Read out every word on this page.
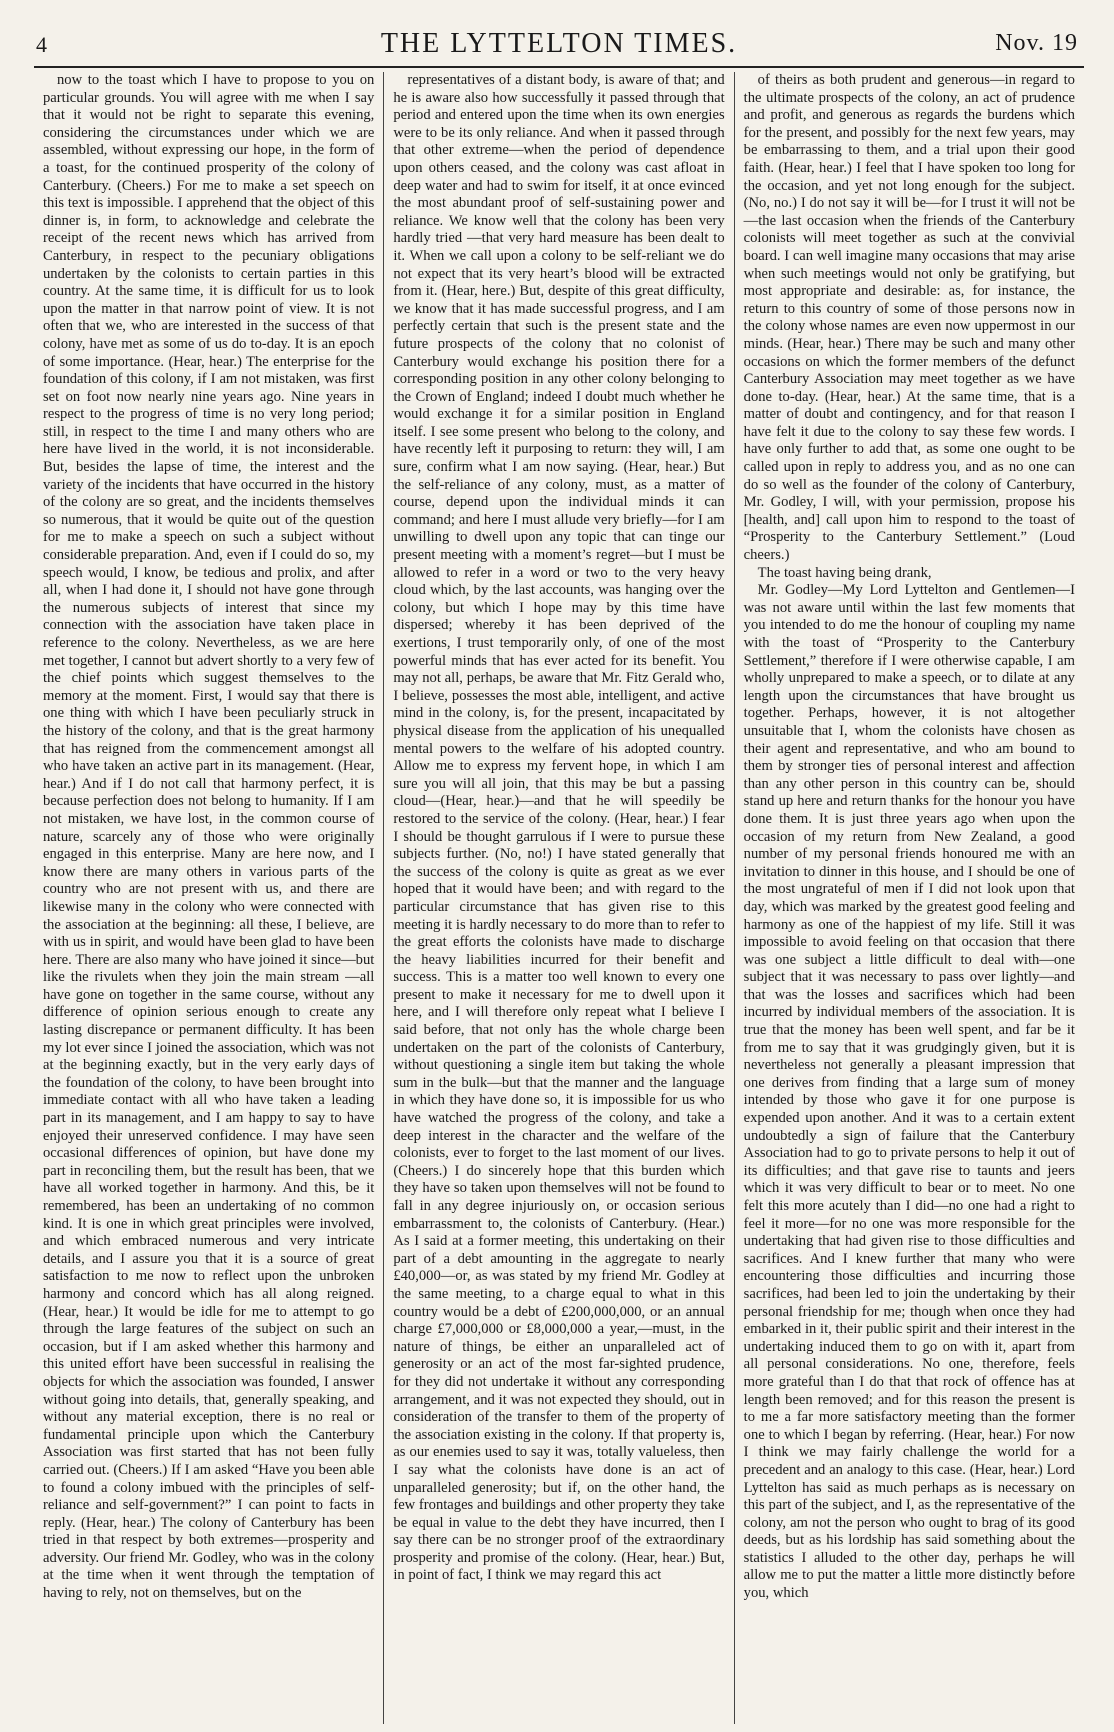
4	THE LYTTELTON TIMES.	Nov. 19

now to the toast which I have to propose to you on particular grounds. You will agree with me when I say that it would not be right to separate this evening, considering the circumstances under which we are assembled, without expressing our hope, in the form of a toast, for the continued prosperity of the colony of Canterbury. (Cheers.) For me to make a set speech on this text is impossible. I apprehend that the object of this dinner is, in form, to acknowledge and celebrate the receipt of the recent news which has arrived from Canterbury, in respect to the pecuniary obligations undertaken by the colonists to certain parties in this country. At the same time, it is difficult for us to look upon the matter in that narrow point of view. It is not often that we, who are interested in the success of that colony, have met as some of us do to-day. It is an epoch of some importance. (Hear, hear.) The enterprise for the foundation of this colony, if I am not mistaken, was first set on foot now nearly nine years ago. Nine years in respect to the progress of time is no very long period; still, in respect to the time I and many others who are here have lived in the world, it is not inconsiderable. But, besides the lapse of time, the interest and the variety of the incidents that have occurred in the history of the colony are so great, and the incidents themselves so numerous, that it would be quite out of the question for me to make a speech on such a subject without considerable preparation. And, even if I could do so, my speech would, I know, be tedious and prolix, and after all, when I had done it, I should not have gone through the numerous subjects of interest that since my connection with the association have taken place in reference to the colony. Nevertheless, as we are here met together, I cannot but advert shortly to a very few of the chief points which suggest themselves to the memory at the moment. First, I would say that there is one thing with which I have been peculiarly struck in the history of the colony, and that is the great harmony that has reigned from the commencement amongst all who have taken an active part in its management. (Hear, hear.) And if I do not call that harmony perfect, it is because perfection does not belong to humanity. If I am not mistaken, we have lost, in the common course of nature, scarcely any of those who were originally engaged in this enterprise. Many are here now, and I know there are many others in various parts of the country who are not present with us, and there are likewise many in the colony who were connected with the association at the beginning: all these, I believe, are with us in spirit, and would have been glad to have been here. There are also many who have joined it since—but like the rivulets when they join the main stream —all have gone on together in the same course, without any difference of opinion serious enough to create any lasting discrepance or permanent difficulty. It has been my lot ever since I joined the association, which was not at the beginning exactly, but in the very early days of the foundation of the colony, to have been brought into immediate contact with all who have taken a leading part in its management, and I am happy to say to have enjoyed their unreserved confidence. I may have seen occasional differences of opinion, but have done my part in reconciling them, but the result has been, that we have all worked together in harmony. And this, be it remembered, has been an undertaking of no common kind. It is one in which great principles were involved, and which embraced numerous and very intricate details, and I assure you that it is a source of great satisfaction to me now to reflect upon the unbroken harmony and concord which has all along reigned. (Hear, hear.) It would be idle for me to attempt to go through the large features of the subject on such an occasion, but if I am asked whether this harmony and this united effort have been successful in realising the objects for which the association was founded, I answer without going into details, that, generally speaking, and without any material exception, there is no real or fundamental principle upon which the Canterbury Association was first started that has not been fully carried out. (Cheers.) If I am asked “Have you been able to found a colony imbued with the principles of self-reliance and self-government?” I can point to facts in reply. (Hear, hear.) The colony of Canterbury has been tried in that respect by both extremes—prosperity and adversity. Our friend Mr. Godley, who was in the colony at the time when it went through the temptation of having to rely, not on themselves, but on the

representatives of a distant body, is aware of that; and he is aware also how successfully it passed through that period and entered upon the time when its own energies were to be its only reliance. And when it passed through that other extreme—when the period of dependence upon others ceased, and the colony was cast afloat in deep water and had to swim for itself, it at once evinced the most abundant proof of self-sustaining power and reliance. We know well that the colony has been very hardly tried —that very hard measure has been dealt to it. When we call upon a colony to be self-reliant we do not expect that its very heart’s blood will be extracted from it. (Hear, here.) But, despite of this great difficulty, we know that it has made successful progress, and I am perfectly certain that such is the present state and the future prospects of the colony that no colonist of Canterbury would exchange his position there for a corresponding position in any other colony belonging to the Crown of England; indeed I doubt much whether he would exchange it for a similar position in England itself. I see some present who belong to the colony, and have recently left it purposing to return: they will, I am sure, confirm what I am now saying. (Hear, hear.) But the self-reliance of any colony, must, as a matter of course, depend upon the individual minds it can command; and here I must allude very briefly—for I am unwilling to dwell upon any topic that can tinge our present meeting with a moment’s regret—but I must be allowed to refer in a word or two to the very heavy cloud which, by the last accounts, was hanging over the colony, but which I hope may by this time have dispersed; whereby it has been deprived of the exertions, I trust temporarily only, of one of the most powerful minds that has ever acted for its benefit. You may not all, perhaps, be aware that Mr. Fitz Gerald who, I believe, possesses the most able, intelligent, and active mind in the colony, is, for the present, incapacitated by physical disease from the application of his unequalled mental powers to the welfare of his adopted country. Allow me to express my fervent hope, in which I am sure you will all join, that this may be but a passing cloud—(Hear, hear.)—and that he will speedily be restored to the service of the colony. (Hear, hear.) I fear I should be thought garrulous if I were to pursue these subjects further. (No, no!) I have stated generally that the success of the colony is quite as great as we ever hoped that it would have been; and with regard to the particular circumstance that has given rise to this meeting it is hardly necessary to do more than to refer to the great efforts the colonists have made to discharge the heavy liabilities incurred for their benefit and success. This is a matter too well known to every one present to make it necessary for me to dwell upon it here, and I will therefore only repeat what I believe I said before, that not only has the whole charge been undertaken on the part of the colonists of Canterbury, without questioning a single item but taking the whole sum in the bulk—but that the manner and the language in which they have done so, it is impossible for us who have watched the progress of the colony, and take a deep interest in the character and the welfare of the colonists, ever to forget to the last moment of our lives. (Cheers.) I do sincerely hope that this burden which they have so taken upon themselves will not be found to fall in any degree injuriously on, or occasion serious embarrassment to, the colonists of Canterbury. (Hear.) As I said at a former meeting, this undertaking on their part of a debt amounting in the aggregate to nearly £40,000—or, as was stated by my friend Mr. Godley at the same meeting, to a charge equal to what in this country would be a debt of £200,000,000, or an annual charge £7,000,000 or £8,000,000 a year,—must, in the nature of things, be either an unparalleled act of generosity or an act of the most far-sighted prudence, for they did not undertake it without any corresponding arrangement, and it was not expected they should, out in consideration of the transfer to them of the property of the association existing in the colony. If that property is, as our enemies used to say it was, totally valueless, then I say what the colonists have done is an act of unparalleled generosity; but if, on the other hand, the few frontages and buildings and other property they take be equal in value to the debt they have incurred, then I say there can be no stronger proof of the extraordinary prosperity and promise of the colony. (Hear, hear.) But, in point of fact, I think we may regard this act

of theirs as both prudent and generous—in regard to the ultimate prospects of the colony, an act of prudence and profit, and generous as regards the burdens which for the present, and possibly for the next few years, may be embarrassing to them, and a trial upon their good faith. (Hear, hear.) I feel that I have spoken too long for the occasion, and yet not long enough for the subject. (No, no.) I do not say it will be—for I trust it will not be—the last occasion when the friends of the Canterbury colonists will meet together as such at the convivial board. I can well imagine many occasions that may arise when such meetings would not only be gratifying, but most appropriate and desirable: as, for instance, the return to this country of some of those persons now in the colony whose names are even now uppermost in our minds. (Hear, hear.) There may be such and many other occasions on which the former members of the defunct Canterbury Association may meet together as we have done to-day. (Hear, hear.) At the same time, that is a matter of doubt and contingency, and for that reason I have felt it due to the colony to say these few words. I have only further to add that, as some one ought to be called upon in reply to address you, and as no one can do so well as the founder of the colony of Canterbury, Mr. Godley, I will, with your permission, propose his [health, and] call upon him to respond to the toast of “Prosperity to the Canterbury Settlement.” (Loud cheers.)

The toast having being drank,

Mr. Godley—My Lord Lyttelton and Gentlemen—I was not aware until within the last few moments that you intended to do me the honour of coupling my name with the toast of “Prosperity to the Canterbury Settlement,” therefore if I were otherwise capable, I am wholly unprepared to make a speech, or to dilate at any length upon the circumstances that have brought us together. Perhaps, however, it is not altogether unsuitable that I, whom the colonists have chosen as their agent and representative, and who am bound to them by stronger ties of personal interest and affection than any other person in this country can be, should stand up here and return thanks for the honour you have done them. It is just three years ago when upon the occasion of my return from New Zealand, a good number of my personal friends honoured me with an invitation to dinner in this house, and I should be one of the most ungrateful of men if I did not look upon that day, which was marked by the greatest good feeling and harmony as one of the happiest of my life. Still it was impossible to avoid feeling on that occasion that there was one subject a little difficult to deal with—one subject that it was necessary to pass over lightly—and that was the losses and sacrifices which had been incurred by individual members of the association. It is true that the money has been well spent, and far be it from me to say that it was grudgingly given, but it is nevertheless not generally a pleasant impression that one derives from finding that a large sum of money intended by those who gave it for one purpose is expended upon another. And it was to a certain extent undoubtedly a sign of failure that the Canterbury Association had to go to private persons to help it out of its difficulties; and that gave rise to taunts and jeers which it was very difficult to bear or to meet. No one felt this more acutely than I did—no one had a right to feel it more—for no one was more responsible for the undertaking that had given rise to those difficulties and sacrifices. And I knew further that many who were encountering those difficulties and incurring those sacrifices, had been led to join the undertaking by their personal friendship for me; though when once they had embarked in it, their public spirit and their interest in the undertaking induced them to go on with it, apart from all personal considerations. No one, therefore, feels more grateful than I do that that rock of offence has at length been removed; and for this reason the present is to me a far more satisfactory meeting than the former one to which I began by referring. (Hear, hear.) For now I think we may fairly challenge the world for a precedent and an analogy to this case. (Hear, hear.) Lord Lyttelton has said as much perhaps as is necessary on this part of the subject, and I, as the representative of the colony, am not the person who ought to brag of its good deeds, but as his lordship has said something about the statistics I alluded to the other day, perhaps he will allow me to put the matter a little more distinctly before you, which
